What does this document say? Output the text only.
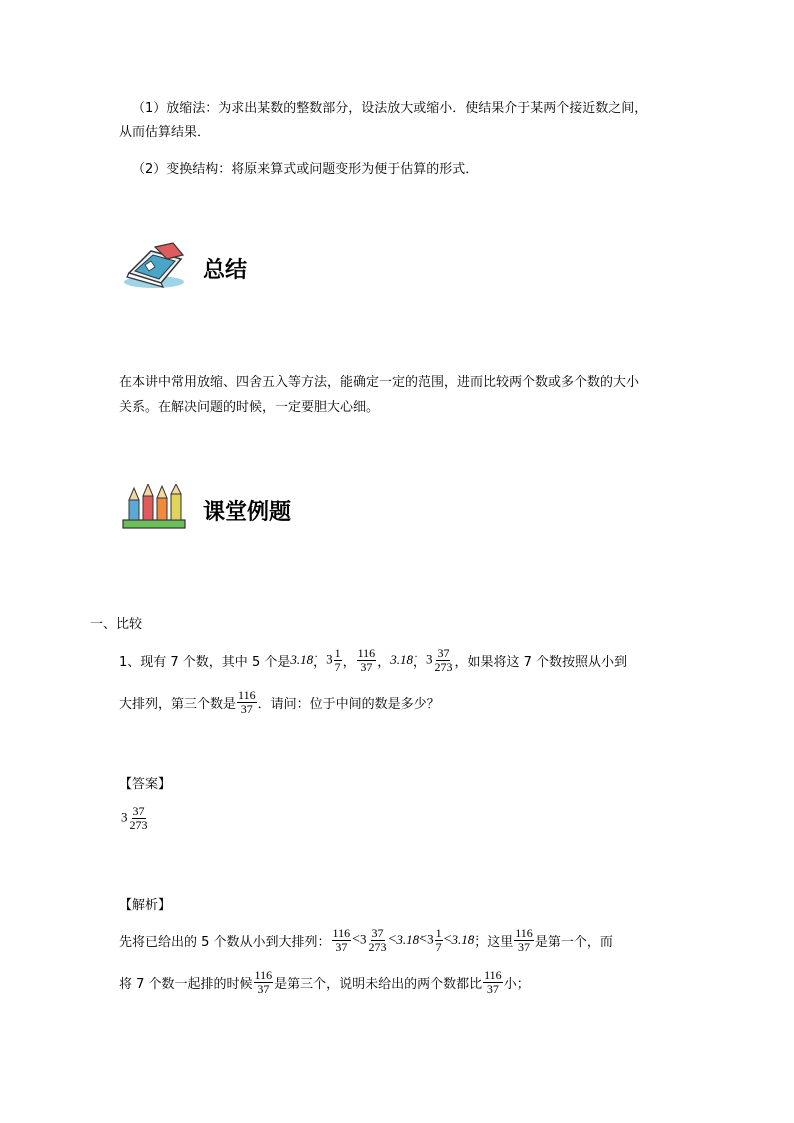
（1）放缩法：为求出某数的整数部分，设法放大或缩小．使结果介于某两个接近数之间，
从而估算结果．
（2）变换结构：将原来算式或问题变形为便于估算的形式．
总结
在本讲中常用放缩、四舍五入等方法，能确定一定的范围，进而比较两个数或多个数的大小
关系。在解决问题的时候，一定要胆大心细。
课堂例题
一、比较
1、现有 7 个数，其中 5 个是 3.1̇8̇ ， $3 \frac{1}{7}$ ， $\frac{116}{37}$ ， 3.1̇8̇ ， $3 \frac{37}{273}$ ，如果将这 7 个数按照从小到
大排列，第三个数是 $\frac{116}{37}$ ．请问：位于中间的数是多少？
【答案】
$3 \frac{37}{273}$
【解析】
先将已给出的 5 个数从小到大排列： $\frac{116}{37} < 3 \frac{37}{273}$ < 3.1̇8̇ < $3 \frac{1}{7}$ < 3.1̇8̇ ；这里 $\frac{116}{37}$ 是第一个，而
将 7 个数一起排的时候 $\frac{116}{37}$ 是第三个，说明未给出的两个数都比 $\frac{116}{37}$ 小；
